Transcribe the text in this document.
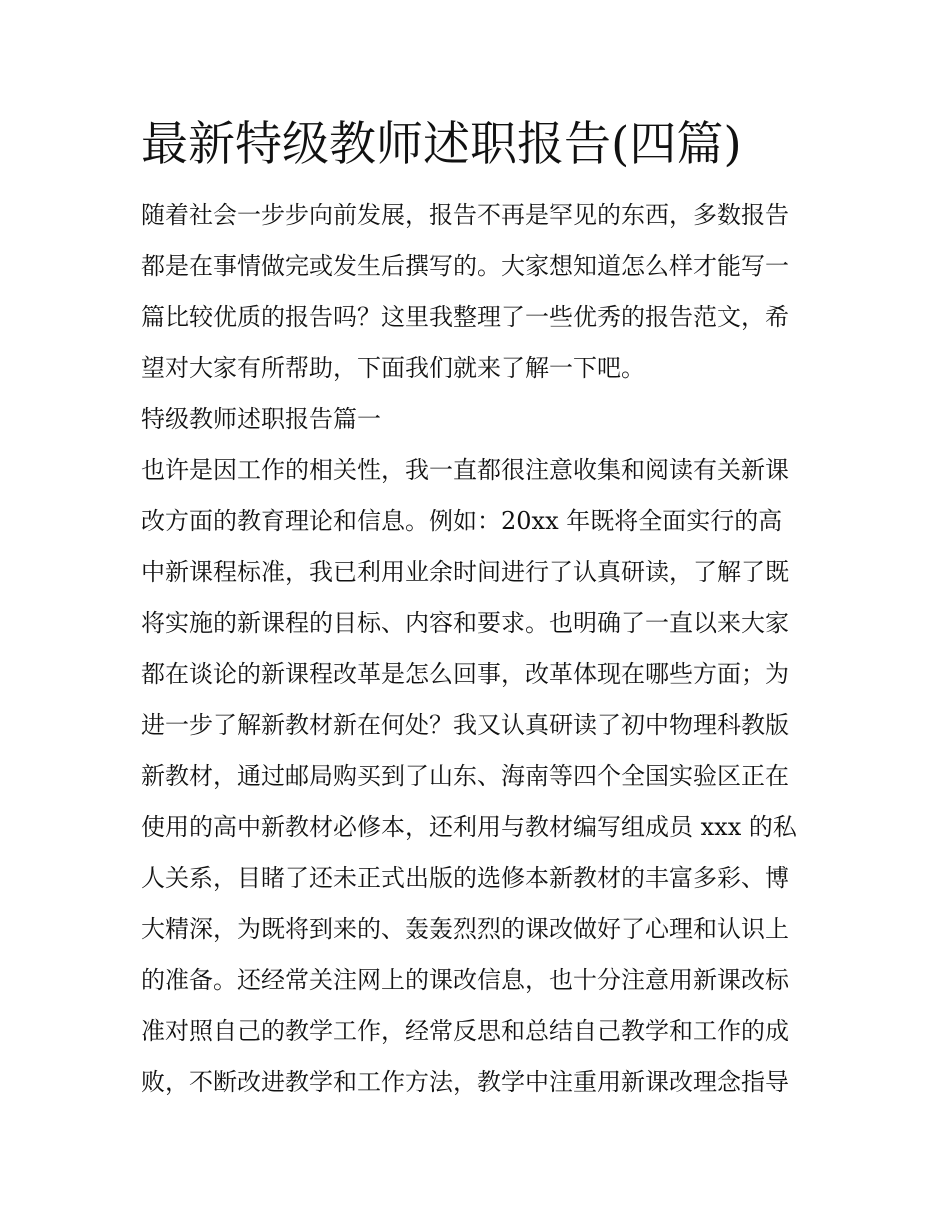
最新特级教师述职报告(四篇)
随着社会一步步向前发展，报告不再是罕见的东西，多数报告
都是在事情做完或发生后撰写的。大家想知道怎么样才能写一
篇比较优质的报告吗？这里我整理了一些优秀的报告范文，希
望对大家有所帮助，下面我们就来了解一下吧。
特级教师述职报告篇一
也许是因工作的相关性，我一直都很注意收集和阅读有关新课
改方面的教育理论和信息。例如：20xx 年既将全面实行的高
中新课程标准，我已利用业余时间进行了认真研读，了解了既
将实施的新课程的目标、内容和要求。也明确了一直以来大家
都在谈论的新课程改革是怎么回事，改革体现在哪些方面；为
进一步了解新教材新在何处？我又认真研读了初中物理科教版
新教材，通过邮局购买到了山东、海南等四个全国实验区正在
使用的高中新教材必修本，还利用与教材编写组成员 xxx 的私
人关系，目睹了还未正式出版的选修本新教材的丰富多彩、博
大精深，为既将到来的、轰轰烈烈的课改做好了心理和认识上
的准备。还经常关注网上的课改信息，也十分注意用新课改标
准对照自己的教学工作，经常反思和总结自己教学和工作的成
败，不断改进教学和工作方法，教学中注重用新课改理念指导
